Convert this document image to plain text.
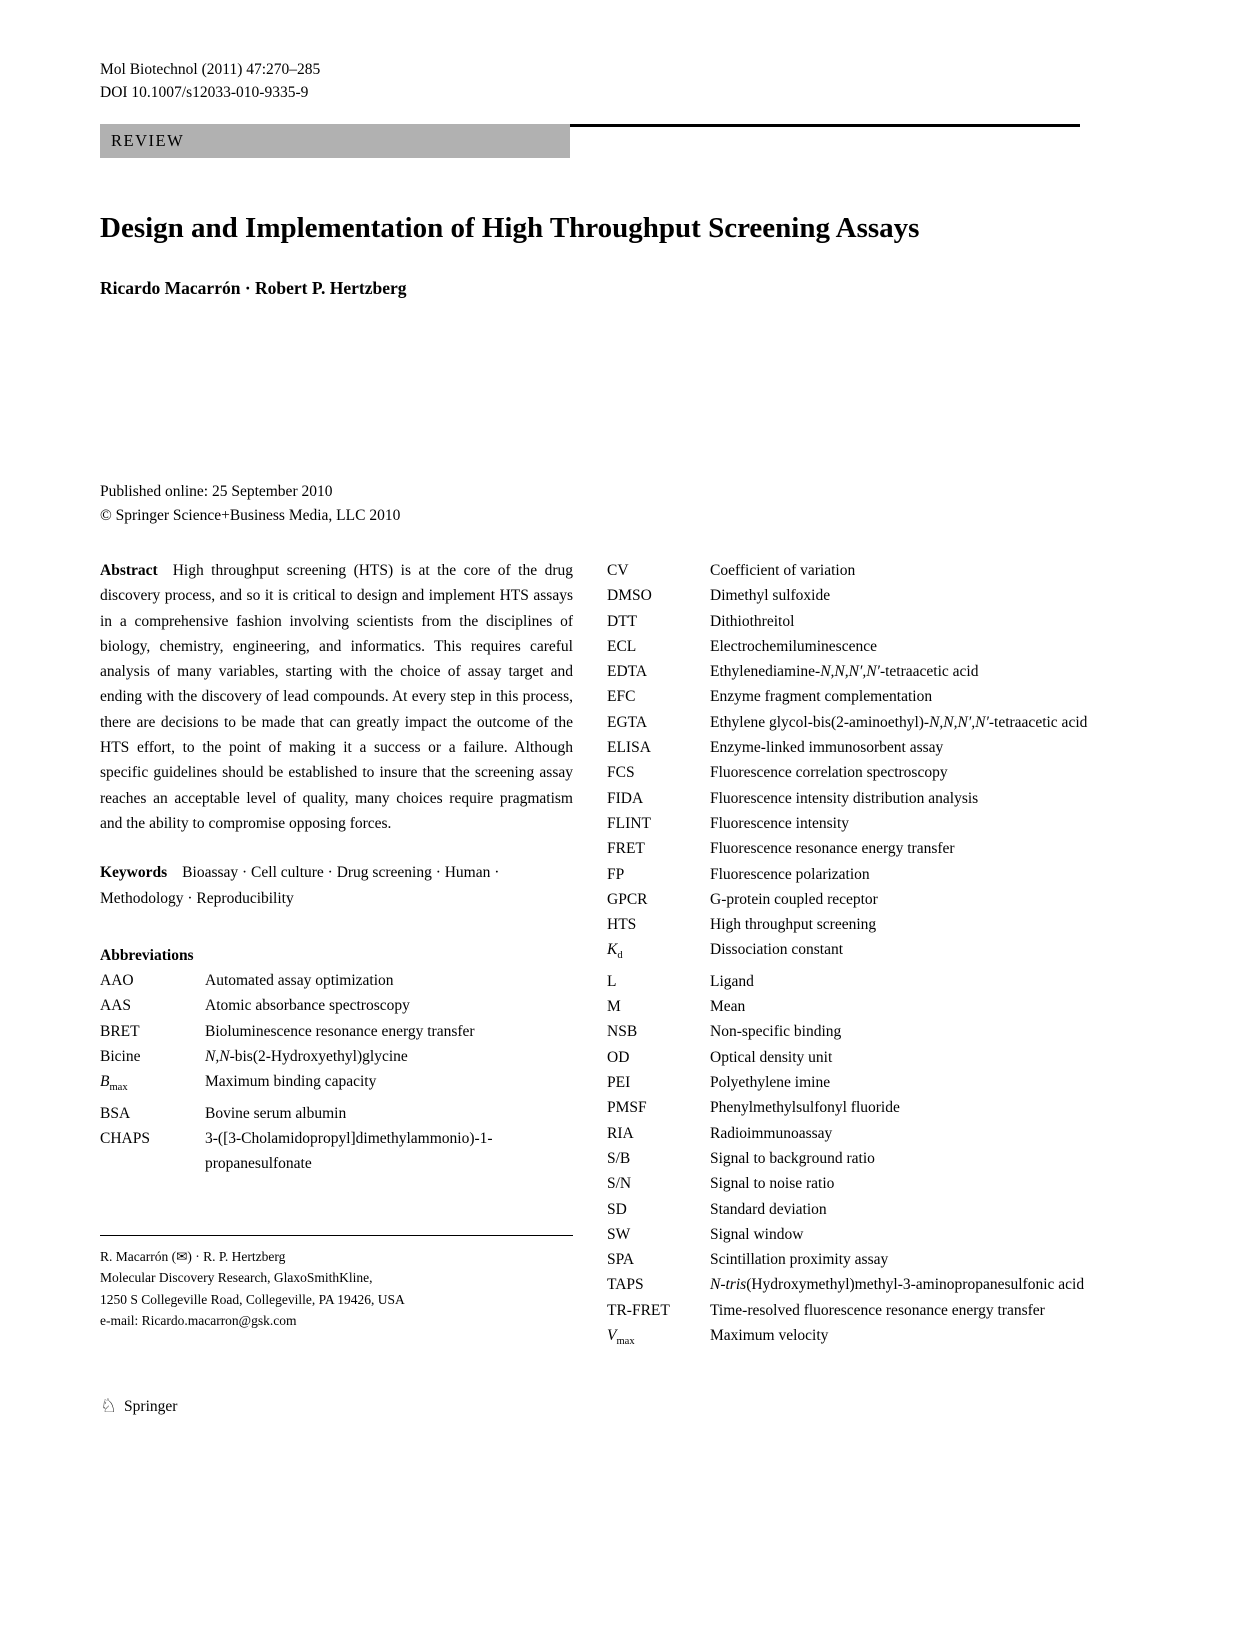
Mol Biotechnol (2011) 47:270–285
DOI 10.1007/s12033-010-9335-9
REVIEW
Design and Implementation of High Throughput Screening Assays
Ricardo Macarrón · Robert P. Hertzberg
Published online: 25 September 2010
© Springer Science+Business Media, LLC 2010

Abstract High throughput screening (HTS) is at the core of the drug discovery process, and so it is critical to design and implement HTS assays in a comprehensive fashion involving scientists from the disciplines of biology, chemistry, engineering, and informatics. This requires careful analysis of many variables, starting with the choice of assay target and ending with the discovery of lead compounds. At every step in this process, there are decisions to be made that can greatly impact the outcome of the HTS effort, to the point of making it a success or a failure. Although specific guidelines should be established to insure that the screening assay reaches an acceptable level of quality, many choices require pragmatism and the ability to compromise opposing forces.

Keywords Bioassay · Cell culture · Drug screening · Human · Methodology · Reproducibility

Abbreviations
AAO	Automated assay optimization
AAS	Atomic absorbance spectroscopy
BRET	Bioluminescence resonance energy transfer
Bicine	N,N-bis(2-Hydroxyethyl)glycine
$B_{max}$	Maximum binding capacity
BSA	Bovine serum albumin
CHAPS	3-([3-Cholamidopropyl]dimethylammonio)-1-propanesulfonate
R. Macarrón (✉) · R. P. Hertzberg
Molecular Discovery Research, GlaxoSmithKline,
1250 S Collegeville Road, Collegeville, PA 19426, USA
e-mail: Ricardo.macarron@gsk.com
CV	Coefficient of variation
DMSO	Dimethyl sulfoxide
DTT	Dithiothreitol
ECL	Electrochemiluminescence
EDTA	Ethylenediamine-N,N,N′,N′-tetraacetic acid
EFC	Enzyme fragment complementation
EGTA	Ethylene glycol-bis(2-aminoethyl)-N,N,N′,N′-tetraacetic acid
ELISA	Enzyme-linked immunosorbent assay
FCS	Fluorescence correlation spectroscopy
FIDA	Fluorescence intensity distribution analysis
FLINT	Fluorescence intensity
FRET	Fluorescence resonance energy transfer
FP	Fluorescence polarization
GPCR	G-protein coupled receptor
HTS	High throughput screening
$K_d$	Dissociation constant
L	Ligand
M	Mean
NSB	Non-specific binding
OD	Optical density unit
PEI	Polyethylene imine
PMSF	Phenylmethylsulfonyl fluoride
RIA	Radioimmunoassay
S/B	Signal to background ratio
S/N	Signal to noise ratio
SD	Standard deviation
SW	Signal window
SPA	Scintillation proximity assay
TAPS	N-tris(Hydroxymethyl)methyl-3-aminopropanesulfonic acid
TR-FRET	Time-resolved fluorescence resonance energy transfer
$V_{max}$	Maximum velocity
♘ Springer
